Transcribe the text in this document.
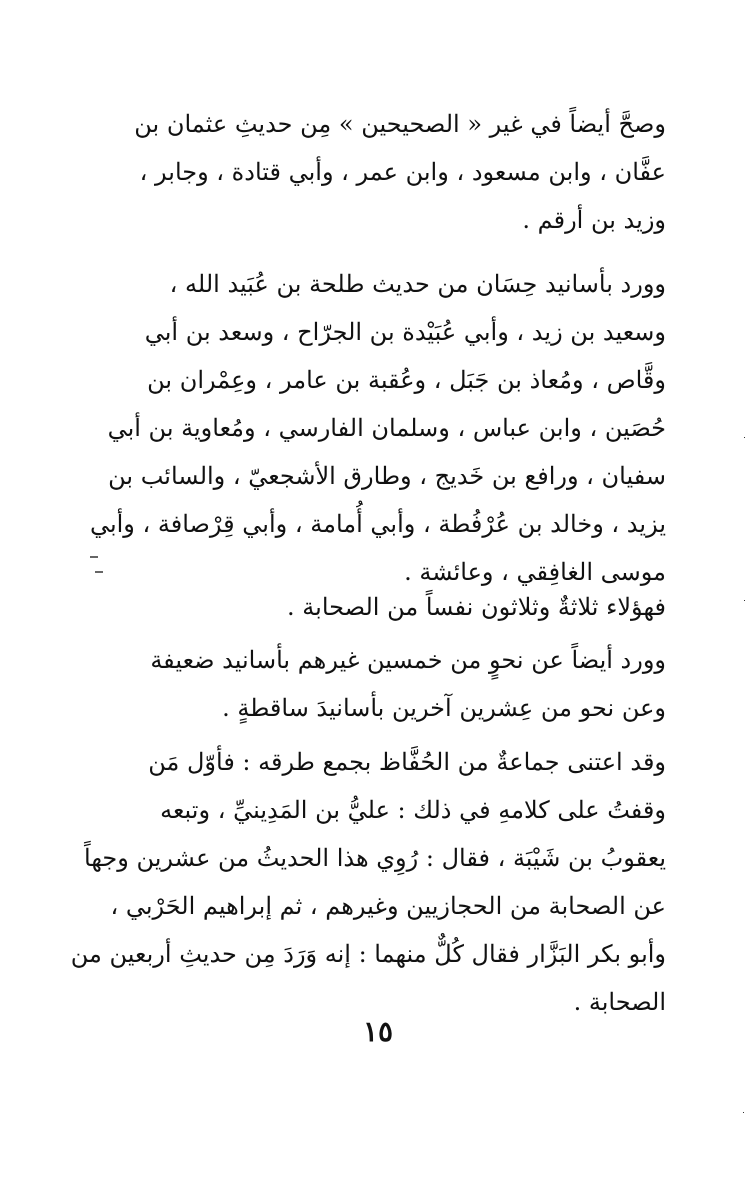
وصحَّ أيضاً في غير « الصحيحين » مِن حديثِ عثمان بن
عفَّان ، وابن مسعود ، وابن عمر ، وأبي قتادة ، وجابر ،
وزيد بن أرقم .
وورد بأسانيد حِسَان من حديث طلحة بن عُبَيد الله ،
وسعيد بن زيد ، وأبي عُبَيْدة بن الجرّاح ، وسعد بن أبي
وقَّاص ، ومُعاذ بن جَبَل ، وعُقبة بن عامر ، وعِمْران بن
حُصَين ، وابن عباس ، وسلمان الفارسي ، ومُعاوية بن أبي
سفيان ، ورافع بن خَديج ، وطارق الأشجعيّ ، والسائب بن
يزيد ، وخالد بن عُرْفُطة ، وأبي أُمامة ، وأبي قِرْصافة ، وأبي
موسى الغافِقي ، وعائشة .
فهؤلاء ثلاثةٌ وثلاثون نفساً من الصحابة .
وورد أيضاً عن نحوٍ من خمسين غيرهم بأسانيد ضعيفة
وعن نحو من عِشرين آخرين بأسانيدَ ساقطةٍ .
وقد اعتنى جماعةٌ من الحُفَّاظ بجمع طرقه : فأوّل مَن
وقفتُ على كلامهِ في ذلك : عليُّ بن المَدِينيِّ ، وتبعه
يعقوبُ بن شَيْبَة ، فقال : رُوِي هذا الحديثُ من عشرين وجهاً
عن الصحابة من الحجازيين وغيرهم ، ثم إبراهيم الحَرْبي ،
وأبو بكر البَزَّار فقال كُلٌّ منهما : إنه وَرَدَ مِن حديثِ أربعين من
الصحابة .
١٥
